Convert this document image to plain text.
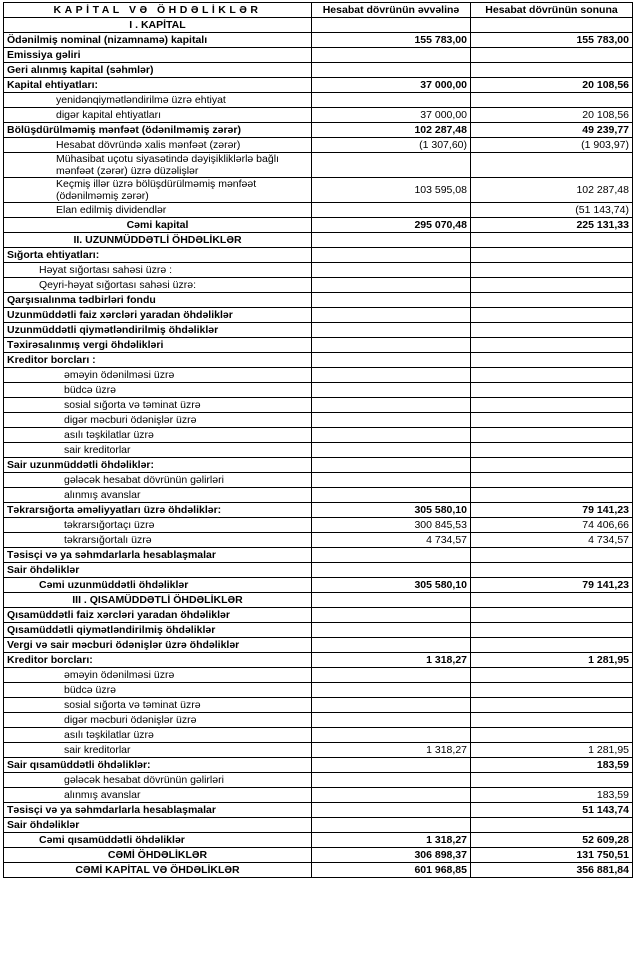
KAPİTAL VƏ ÖHDƏLİKLƏR	Hesabat dövrünün əvvəlinə	Hesabat dövrünün sonuna
I . KAPİTAL		
Ödənilmiş nominal (nizamnamə) kapitalı	155 783,00	155 783,00
Emissiya gəliri		
Geri alınmış kapital (səhmlər)		
Kapital ehtiyatları:	37 000,00	20 108,56
yenidənqiymətləndirilmə üzrə ehtiyat		
digər kapital ehtiyatları	37 000,00	20 108,56
Bölüşdürülməmiş mənfəət (ödənilməmiş zərər)	102 287,48	49 239,77
Hesabat dövründə xalis mənfəət (zərər)	(1 307,60)	(1 903,97)
Mühasibat uçotu siyasətində dəyişikliklərlə bağlı mənfəət (zərər) üzrə düzəlişlər		
Keçmiş illər üzrə bölüşdürülməmiş mənfəət (ödənilməmiş zərər)	103 595,08	102 287,48
Elan edilmiş dividendlər		(51 143,74)
Cəmi kapital	295 070,48	225 131,33
II. UZUNMÜDDƏTLİ ÖHDƏLİKLƏR		
Sığorta ehtiyatları:		
Həyat sığortası sahəsi üzrə :		
Qeyri-həyat sığortası sahəsi üzrə:		
Qarşısıalınma tədbirləri fondu		
Uzunmüddətli faiz xərcləri yaradan öhdəliklər		
Uzunmüddətli qiymətləndirilmiş öhdəliklər		
Təxirəsalınmış vergi öhdəlikləri		
Kreditor borcları :		
əməyin ödənilməsi üzrə		
büdcə üzrə		
sosial sığorta və təminat üzrə		
digər məcburi ödənişlər üzrə		
asılı təşkilatlar üzrə		
sair kreditorlar		
Sair uzunmüddətli öhdəliklər:		
gələcək hesabat dövrünün gəlirləri		
alınmış avanslar		
Təkrarsığorta əməliyyatları üzrə öhdəliklər:	305 580,10	79 141,23
təkrarsığortaçı üzrə	300 845,53	74 406,66
təkrarsığortalı üzrə	4 734,57	4 734,57
Təsisçi və ya səhmdarlarla hesablaşmalar		
Sair öhdəliklər		
Cəmi uzunmüddətli öhdəliklər	305 580,10	79 141,23
III . QISAMÜDDƏTLİ ÖHDƏLİKLƏR		
Qısamüddətli faiz xərcləri yaradan öhdəliklər		
Qısamüddətli qiymətləndirilmiş öhdəliklər		
Vergi və sair məcburi ödənişlər üzrə öhdəliklər		
Kreditor borcları:	1 318,27	1 281,95
əməyin ödənilməsi üzrə		
büdcə üzrə		
sosial sığorta və təminat üzrə		
digər məcburi ödənişlər üzrə		
asılı təşkilatlar üzrə		
sair kreditorlar	1 318,27	1 281,95
Sair qısamüddətli öhdəliklər:		183,59
gələcək hesabat dövrünün gəlirləri		
alınmış avanslar		183,59
Təsisçi və ya səhmdarlarla hesablaşmalar		51 143,74
Sair öhdəliklər		
Cəmi qısamüddətli öhdəliklər	1 318,27	52 609,28
CƏMİ ÖHDƏLİKLƏR	306 898,37	131 750,51
CƏMİ KAPİTAL VƏ ÖHDƏLİKLƏR	601 968,85	356 881,84
